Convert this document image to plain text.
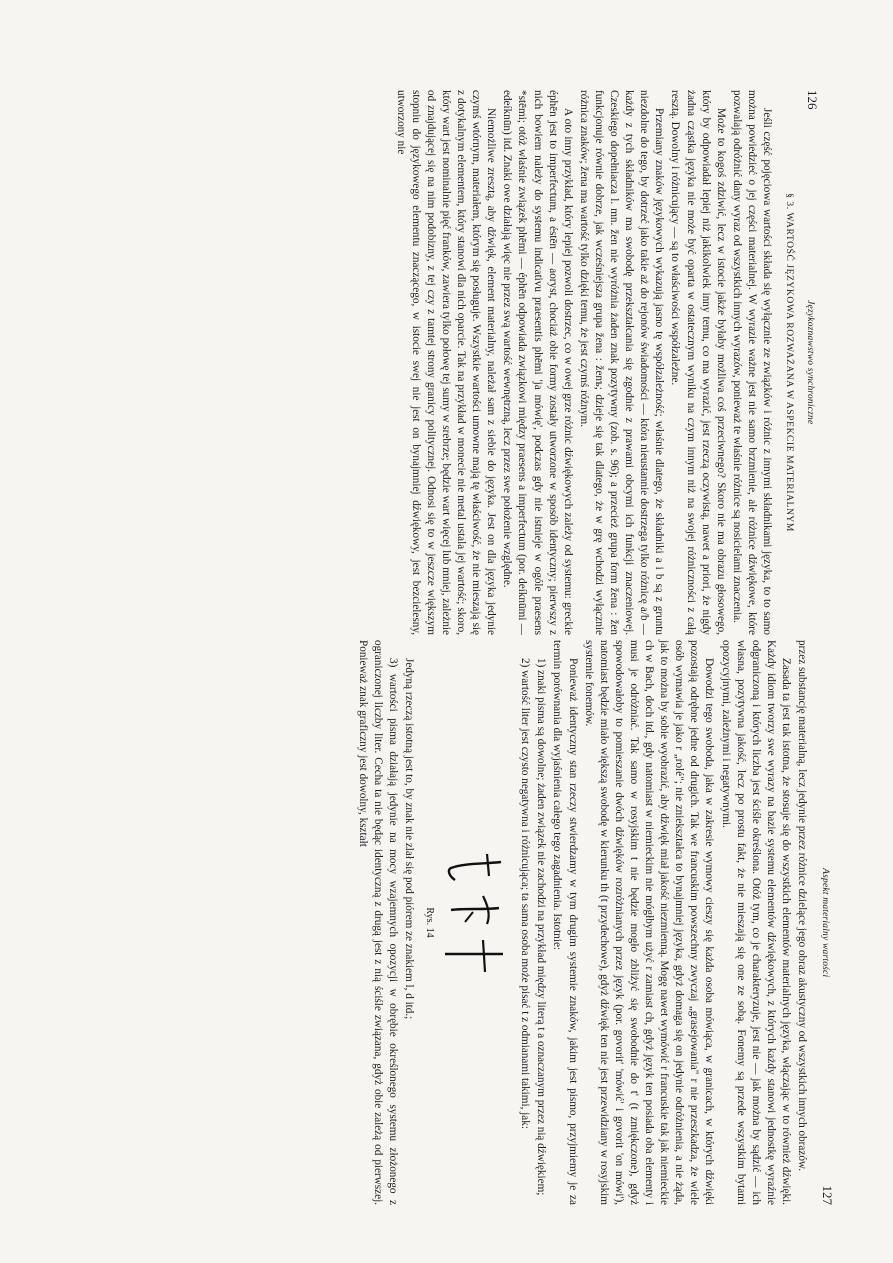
126
Językoznawstwo synchroniczne
§ 3. WARTOŚĆ JĘZYKOWA ROZWAŻANA W ASPEKCIE MATERIALNYM

Jeśli część pojęciowa wartości składa się wyłącznie ze związków i różnic z innymi składnikami języka, to to samo można powiedzieć o jej części materialnej. W wyrazie ważne jest nie samo brzmienie, ale różnice dźwiękowe, które pozwalają odróżnić dany wyraz od wszystkich innych wyrazów, ponieważ te właśnie różnice są nosicielami znaczenia.

Może to kogoś zdziwić, lecz w istocie jakże byłaby możliwa coś przeciwnego? Skoro nie ma obrazu głosowego, który by odpowiadał lepiej niż jakikolwiek inny temu, co ma wyrazić, jest rzeczą oczywistą, nawet a priori, że nigdy żadna cząstka języka nie może być oparta w ostatecznym wyniku na czym innym niż na swojej różniczności z całą resztą. Dowolny i różnicujący — są to właściwości współzależne.

Przemiany znaków językowych wykazują jasno tę współzależność; właśnie dlatego, że składniki a i b są z gruntu niezdolne do tego, by dotrzeć jako takie aż do rejonów świadomości — która nieustannie dostrzega tylko różnicę a/b — każdy z tych składników ma swobodę przekształcania się zgodnie z prawami obcymi ich funkcji znaczeniowej. Czeskiego dopełniacza l. mn. žen nie wyróżnia żaden znak pozytywny (zob. s. 96); a przecież grupa form žena : žen funkcjonuje równie dobrze, jak wcześniejsza grupa žena : ženъ; dzieje się tak dlatego, że w grę wchodzi wyłącznie różnica znaków; žena ma wartość tylko dzięki temu, że jest czymś różnym.

A oto inny przykład, który lepiej pozwoli dostrzec, co w owej grze różnic dźwiękowych zależy od systemu: greckie éphēn jest to imperfectum, a éstēn — aoryst, chociaż obie formy zostały utworzone w sposób identyczny; pierwszy z nich bowiem należy do systemu indicativu praesentis phēmi 'ja mówię', podczas gdy nie istnieje w ogóle praesens *stēmi; otóż właśnie związek phēmi — éphēn odpowiada związkowi między praesens a imperfectum (por. deíknūmi — edeíknūn) itd. Znaki owe działają więc nie przez swą wartość wewnętrzną, lecz przez swe położenie względne.

Niemożliwe zresztą, aby dźwięk, element materialny, należał sam z siebie do języka. Jest on dla języka jedynie czymś wtórnym, materiałem, którym się posługuje. Wszystkie wartości umowne mają tę właściwość, że nie mieszają się z dotykalnym elementem, który stanowi dla nich oparcie. Tak na przykład w monecie nie metal ustala jej wartość; skoro, który wart jest nominalnie pięć franków, zawiera tylko połowę tej sumy w srebrze; będzie wart więcej lub mniej, zależnie od znajdującej się na nim podobizny, z tej czy z tamtej strony granicy politycznej. Odnosi się to w jeszcze większym stopniu do językowego elementu znaczącego, w istocie swej nie jest on bynajmniej dźwiękowy, jest bezcielesny, utworzony nie

Aspekt materialny wartości
127

przez substancję materialną, lecz jedynie przez różnice dzielące jego obraz akustyczny od wszystkich innych obrazów.

Zasada ta jest tak istotna, że stosuje się do wszystkich elementów materialnych języka, włączając w to również dźwięki. Każdy idiom tworzy swe wyrazy na bazie systemu elementów dźwiękowych, z których każdy stanowi jednostkę wyraźnie odgraniczoną i których liczba jest ściśle określona. Otóż tym, co je charakteryzuje, jest nie — jak można by sądzić — ich własna, pozytywna jakość, lecz po prostu fakt, że nie mieszają się one ze sobą. Fonemy są przede wszystkim bytami opozycyjnymi, zależnymi i negatywnymi.

Dowodzi tego swoboda, jaka w zakresie wymowy cieszy się każda osoba mówiąca, w granicach, w których dźwięki pozostają odrębne jedne od drugich. Tak we francuskim powszechny zwyczaj „grasejowania" r nie przeszkadza, że wiele osób wymawia je jako r „rolé"; nie zniekształca to bynajmniej języka, gdyż domaga się on jedynie odróżnienia, a nie żąda, jak to można by sobie wyobrazić, aby dźwięk miał jakość niezmienną. Mogę nawet wymówić r francuskie tak jak niemieckie ch w Bach, doch itd., gdy natomiast w niemieckim nie mógłbym użyć r zamiast ch, gdyż język ten posiada oba elementy i musi je odróżniać. Tak samo w rosyjskim t nie będzie mogło zbliżyć się swobodnie do t' (t zmiękczone), gdyż spowodowałoby to pomieszanie dwóch dźwięków rozróżnianych przez język (por. govorit' 'mówić' i govorit 'on mówi'), natomiast będzie miało większą swobodę w kierunku th (t przydechowe), gdyż dźwięk ten nie jest przewidziany w rosyjskim systemie fonemów.

Ponieważ identyczny stan rzeczy stwierdzamy w tym drugim systemie znaków, jakim jest pismo, przyjmiemy je za termin porównania dla wyjaśnienia całego tego zagadnienia. Istotnie:

1) znaki pisma są dowolne; żaden związek nie zachodzi na przykład między literą t a oznaczanym przez nią dźwiękiem;

2) wartość liter jest czysto negatywna i różnicująca; ta sama osoba może pisać t z odmianami takimi, jak:

Rys. 14

Jedyną rzeczą istotną jest to, by znak nie zlał się pod piórem ze znakiem l, d itd.;

3) wartości pisma działają jedynie na mocy wzajemnych opozycji w obrębie określonego systemu złożonego z ograniczonej liczby liter. Cecha ta nie będąc identyczną z drugą jest z nią ściśle związana, gdyż obie zależą od pierwszej. Ponieważ znak graficzny jest dowolny, kształt
